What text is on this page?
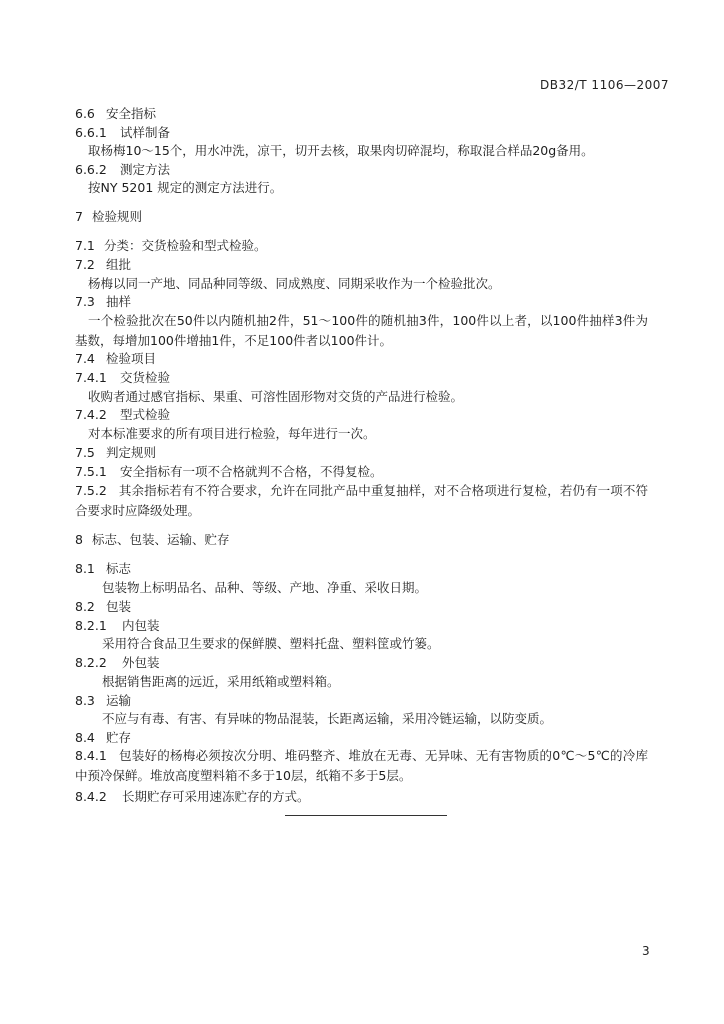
DB32/T 1106—2007
6.6 安全指标
6.6.1 试样制备
取杨梅10～15个，用水冲洗，凉干，切开去核，取果肉切碎混均，称取混合样品20g备用。
6.6.2 测定方法
按NY 5201 规定的测定方法进行。
7 检验规则
7.1 分类：交货检验和型式检验。
7.2 组批
杨梅以同一产地、同品种同等级、同成熟度、同期采收作为一个检验批次。
7.3 抽样
一个检验批次在50件以内随机抽2件，51～100件的随机抽3件，100件以上者，以100件抽样3件为基数，每增加100件增抽1件，不足100件者以100件计。
7.4 检验项目
7.4.1 交货检验
收购者通过感官指标、果重、可溶性固形物对交货的产品进行检验。
7.4.2 型式检验
对本标准要求的所有项目进行检验，每年进行一次。
7.5 判定规则
7.5.1 安全指标有一项不合格就判不合格，不得复检。
7.5.2 其余指标若有不符合要求，允许在同批产品中重复抽样，对不合格项进行复检，若仍有一项不符合要求时应降级处理。
8 标志、包装、运输、贮存
8.1 标志
包装物上标明品名、品种、等级、产地、净重、采收日期。
8.2 包装
8.2.1 内包装
采用符合食品卫生要求的保鲜膜、塑料托盘、塑料筐或竹篓。
8.2.2 外包装
根据销售距离的远近，采用纸箱或塑料箱。
8.3 运输
不应与有毒、有害、有异味的物品混装，长距离运输，采用冷链运输，以防变质。
8.4 贮存
8.4.1 包装好的杨梅必须按次分明、堆码整齐、堆放在无毒、无异味、无有害物质的0℃～5℃的冷库中预冷保鲜。堆放高度塑料箱不多于10层，纸箱不多于5层。
8.4.2 长期贮存可采用速冻贮存的方式。
3
